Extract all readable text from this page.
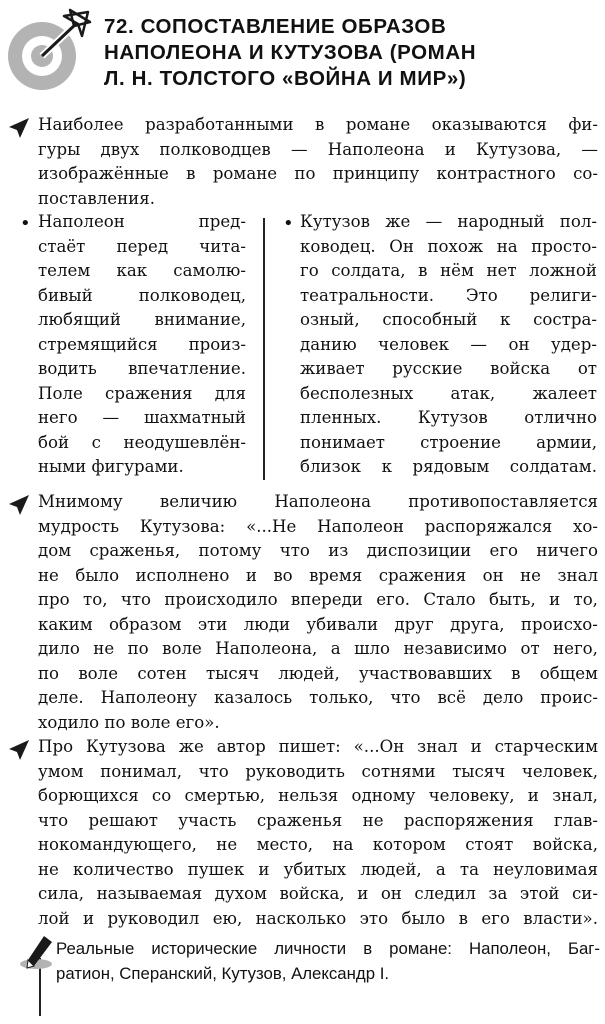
72. СОПОСТАВЛЕНИЕ ОБРАЗОВ
НАПОЛЕОНА И КУТУЗОВА (РОМАН
Л. Н. ТОЛСТОГО «ВОЙНА И МИР»)
Наиболее разработанными в романе оказываются фи-
гуры двух полководцев — Наполеона и Кутузова, —
изображённые в романе по принципу контрастного со-
поставления.
• Наполеон	пред-
стаёт перед чита-
телем как самолю-
бивый	полководец,
любящий внимание,
стремящийся произ-
водить впечатление.
Поле сражения для
него — шахматный
бой с неодушевлён-
ными фигурами.
• Кутузов же — народный пол-
ководец. Он похож на просто-
го солдата, в нём нет ложной
театральности. Это религи-
озный, способный к состра-
данию человек — он удер-
живает русские войска от
бесполезных атак, жалеет
пленных. Кутузов отлично
понимает строение армии,
близок к рядовым солдатам.
Мнимому величию Наполеона противопоставляется
мудрость Кутузова: «...Не Наполеон распоряжался хо-
дом сраженья, потому что из диспозиции его ничего
не было исполнено и во время сражения он не знал
про то, что происходило впереди его. Стало быть, и то,
каким образом эти люди убивали друг друга, происхо-
дило не по воле Наполеона, а шло независимо от него,
по воле сотен тысяч людей, участвовавших в общем
деле. Наполеону казалось только, что всё дело проис-
ходило по воле его».
Про Кутузова же автор пишет: «...Он знал и старческим
умом понимал, что руководить сотнями тысяч человек,
борющихся со смертью, нельзя одному человеку, и знал,
что решают участь сраженья не распоряжения глав-
нокомандующего, не место, на котором стоят войска,
не количество пушек и убитых людей, а та неуловимая
сила, называемая духом войска, и он следил за этой си-
лой и руководил ею, насколько это было в его власти».
Реальные исторические личности в романе: Наполеон, Баг-
ратион, Сперанский, Кутузов, Александр I.
